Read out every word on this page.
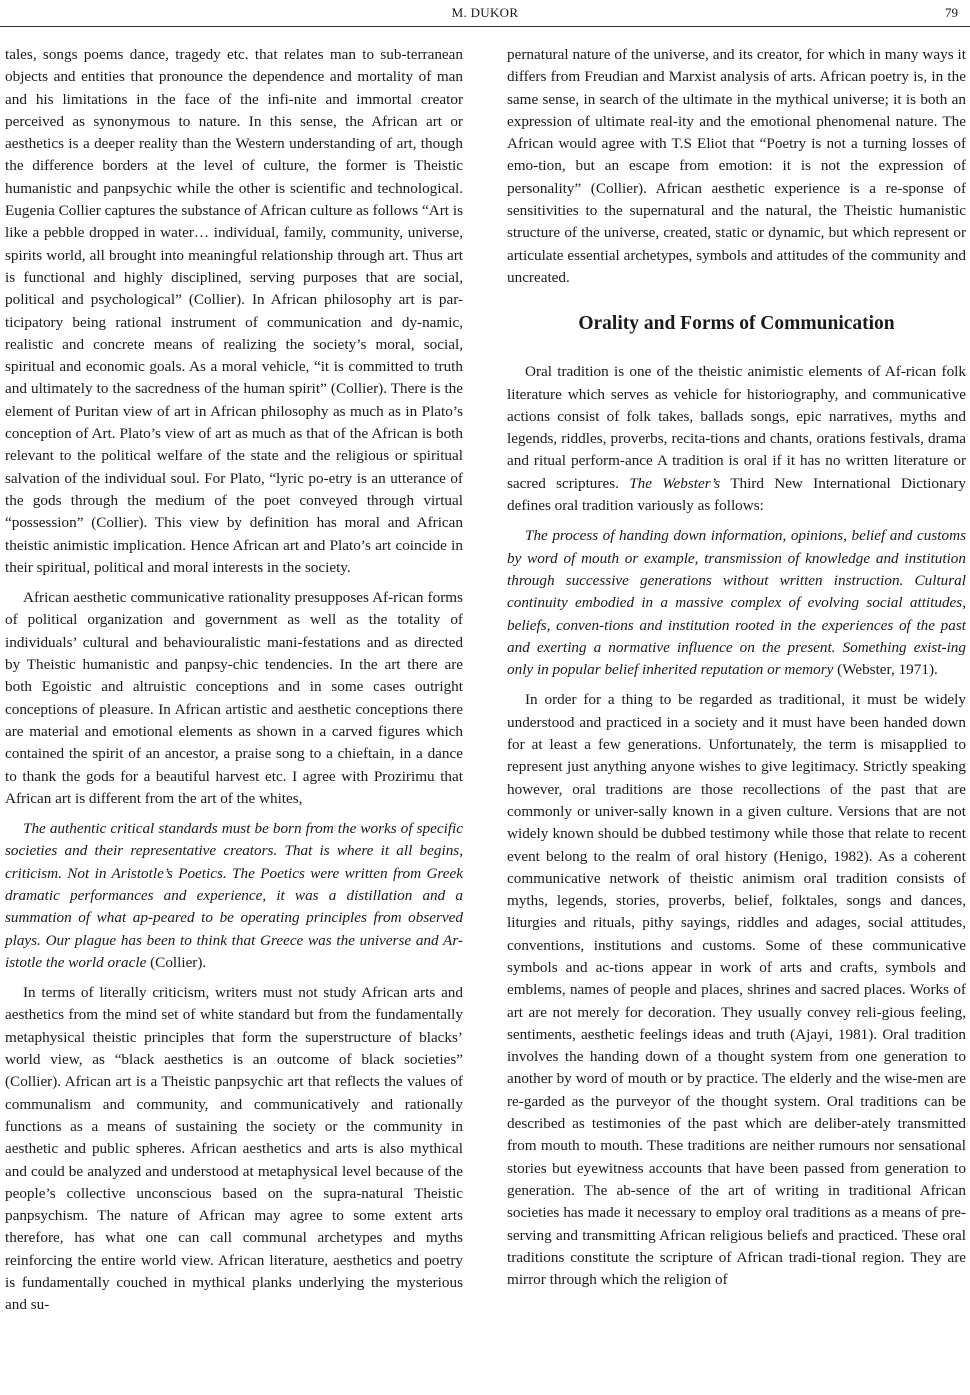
M. DUKOR	79

tales, songs poems dance, tragedy etc. that relates man to sub-terranean objects and entities that pronounce the dependence and mortality of man and his limitations in the face of the infi-nite and immortal creator perceived as synonymous to nature. In this sense, the African art or aesthetics is a deeper reality than the Western understanding of art, though the difference borders at the level of culture, the former is Theistic humanistic and panpsychic while the other is scientific and technological. Eugenia Collier captures the substance of African culture as follows “Art is like a pebble dropped in water… individual, family, community, universe, spirits world, all brought into meaningful relationship through art. Thus art is functional and highly disciplined, serving purposes that are social, political and psychological” (Collier). In African philosophy art is par-ticipatory being rational instrument of communication and dy-namic, realistic and concrete means of realizing the society’s moral, social, spiritual and economic goals. As a moral vehicle, “it is committed to truth and ultimately to the sacredness of the human spirit” (Collier). There is the element of Puritan view of art in African philosophy as much as in Plato’s conception of Art. Plato’s view of art as much as that of the African is both relevant to the political welfare of the state and the religious or spiritual salvation of the individual soul. For Plato, “lyric po-etry is an utterance of the gods through the medium of the poet conveyed through virtual “possession” (Collier). This view by definition has moral and African theistic animistic implication. Hence African art and Plato’s art coincide in their spiritual, political and moral interests in the society.

African aesthetic communicative rationality presupposes Af-rican forms of political organization and government as well as the totality of individuals’ cultural and behaviouralistic mani-festations and as directed by Theistic humanistic and panpsy-chic tendencies. In the art there are both Egoistic and altruistic conceptions and in some cases outright conceptions of pleasure. In African artistic and aesthetic conceptions there are material and emotional elements as shown in a carved figures which contained the spirit of an ancestor, a praise song to a chieftain, in a dance to thank the gods for a beautiful harvest etc. I agree with Prozirimu that African art is different from the art of the whites,

The authentic critical standards must be born from the works of specific societies and their representative creators. That is where it all begins, criticism. Not in Aristotle’s Poetics. The Poetics were written from Greek dramatic performances and experience, it was a distillation and a summation of what ap-peared to be operating principles from observed plays. Our plague has been to think that Greece was the universe and Ar-istotle the world oracle (Collier).

In terms of literally criticism, writers must not study African arts and aesthetics from the mind set of white standard but from the fundamentally metaphysical theistic principles that form the superstructure of blacks’ world view, as “black aesthetics is an outcome of black societies” (Collier). African art is a Theistic panpsychic art that reflects the values of communalism and community, and communicatively and rationally functions as a means of sustaining the society or the community in aesthetic and public spheres. African aesthetics and arts is also mythical and could be analyzed and understood at metaphysical level because of the people’s collective unconscious based on the supra-natural Theistic panpsychism. The nature of African may agree to some extent arts therefore, has what one can call communal archetypes and myths reinforcing the entire world view. African literature, aesthetics and poetry is fundamentally couched in mythical planks underlying the mysterious and su-

pernatural nature of the universe, and its creator, for which in many ways it differs from Freudian and Marxist analysis of arts. African poetry is, in the same sense, in search of the ultimate in the mythical universe; it is both an expression of ultimate real-ity and the emotional phenomenal nature. The African would agree with T.S Eliot that “Poetry is not a turning losses of emo-tion, but an escape from emotion: it is not the expression of personality” (Collier). African aesthetic experience is a re-sponse of sensitivities to the supernatural and the natural, the Theistic humanistic structure of the universe, created, static or dynamic, but which represent or articulate essential archetypes, symbols and attitudes of the community and uncreated.

Orality and Forms of Communication

Oral tradition is one of the theistic animistic elements of Af-rican folk literature which serves as vehicle for historiography, and communicative actions consist of folk takes, ballads songs, epic narratives, myths and legends, riddles, proverbs, recita-tions and chants, orations festivals, drama and ritual perform-ance A tradition is oral if it has no written literature or sacred scriptures. The Webster’s Third New International Dictionary defines oral tradition variously as follows:

The process of handing down information, opinions, belief and customs by word of mouth or example, transmission of knowledge and institution through successive generations without written instruction. Cultural continuity embodied in a massive complex of evolving social attitudes, beliefs, conven-tions and institution rooted in the experiences of the past and exerting a normative influence on the present. Something exist-ing only in popular belief inherited reputation or memory (Webster, 1971).

In order for a thing to be regarded as traditional, it must be widely understood and practiced in a society and it must have been handed down for at least a few generations. Unfortunately, the term is misapplied to represent just anything anyone wishes to give legitimacy. Strictly speaking however, oral traditions are those recollections of the past that are commonly or univer-sally known in a given culture. Versions that are not widely known should be dubbed testimony while those that relate to recent event belong to the realm of oral history (Henigo, 1982). As a coherent communicative network of theistic animism oral tradition consists of myths, legends, stories, proverbs, belief, folktales, songs and dances, liturgies and rituals, pithy sayings, riddles and adages, social attitudes, conventions, institutions and customs. Some of these communicative symbols and ac-tions appear in work of arts and crafts, symbols and emblems, names of people and places, shrines and sacred places. Works of art are not merely for decoration. They usually convey reli-gious feeling, sentiments, aesthetic feelings ideas and truth (Ajayi, 1981). Oral tradition involves the handing down of a thought system from one generation to another by word of mouth or by practice. The elderly and the wise-men are re-garded as the purveyor of the thought system. Oral traditions can be described as testimonies of the past which are deliber-ately transmitted from mouth to mouth. These traditions are neither rumours nor sensational stories but eyewitness accounts that have been passed from generation to generation. The ab-sence of the art of writing in traditional African societies has made it necessary to employ oral traditions as a means of pre-serving and transmitting African religious beliefs and practiced. These oral traditions constitute the scripture of African tradi-tional region. They are mirror through which the religion of
